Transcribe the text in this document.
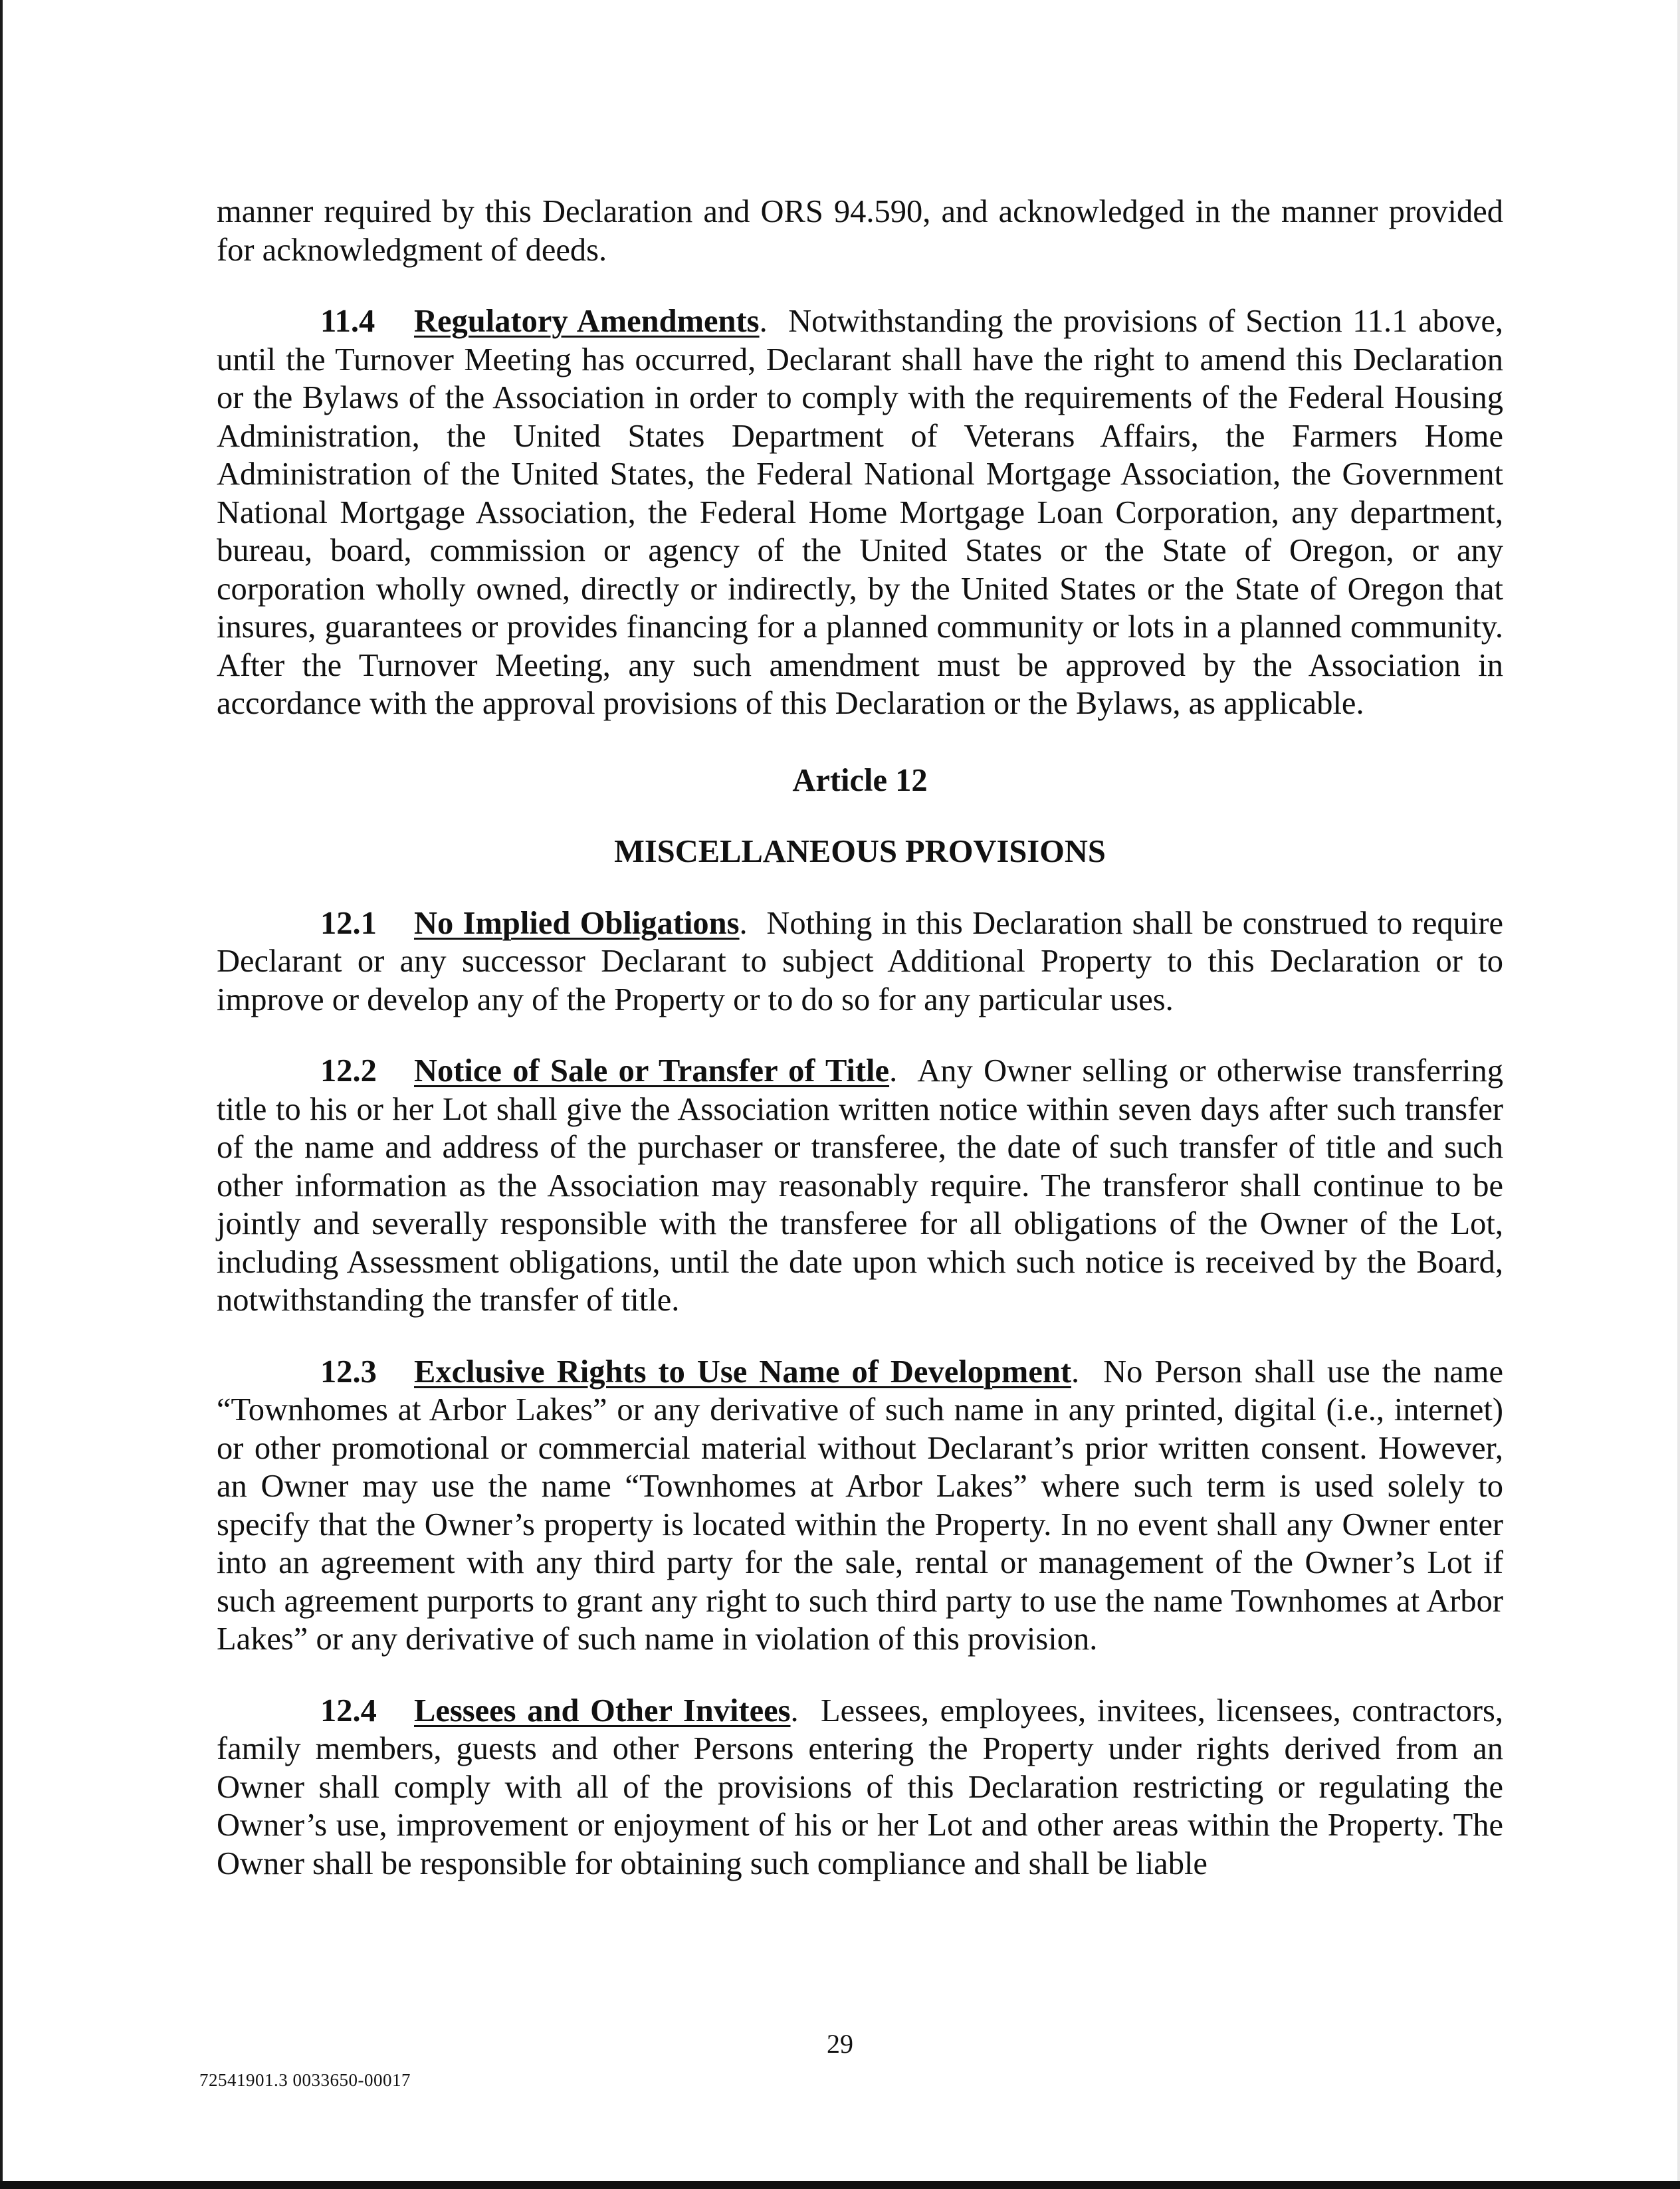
manner required by this Declaration and ORS 94.590, and acknowledged in the manner provided for acknowledgment of deeds.

11.4 Regulatory Amendments. Notwithstanding the provisions of Section 11.1 above, until the Turnover Meeting has occurred, Declarant shall have the right to amend this Declaration or the Bylaws of the Association in order to comply with the requirements of the Federal Housing Administration, the United States Department of Veterans Affairs, the Farmers Home Administration of the United States, the Federal National Mortgage Association, the Government National Mortgage Association, the Federal Home Mortgage Loan Corporation, any department, bureau, board, commission or agency of the United States or the State of Oregon, or any corporation wholly owned, directly or indirectly, by the United States or the State of Oregon that insures, guarantees or provides financing for a planned community or lots in a planned community. After the Turnover Meeting, any such amendment must be approved by the Association in accordance with the approval provisions of this Declaration or the Bylaws, as applicable.

Article 12

MISCELLANEOUS PROVISIONS

12.1 No Implied Obligations. Nothing in this Declaration shall be construed to require Declarant or any successor Declarant to subject Additional Property to this Declaration or to improve or develop any of the Property or to do so for any particular uses.

12.2 Notice of Sale or Transfer of Title. Any Owner selling or otherwise transferring title to his or her Lot shall give the Association written notice within seven days after such transfer of the name and address of the purchaser or transferee, the date of such transfer of title and such other information as the Association may reasonably require. The transferor shall continue to be jointly and severally responsible with the transferee for all obligations of the Owner of the Lot, including Assessment obligations, until the date upon which such notice is received by the Board, notwithstanding the transfer of title.

12.3 Exclusive Rights to Use Name of Development. No Person shall use the name “Townhomes at Arbor Lakes” or any derivative of such name in any printed, digital (i.e., internet) or other promotional or commercial material without Declarant’s prior written consent. However, an Owner may use the name “Townhomes at Arbor Lakes” where such term is used solely to specify that the Owner’s property is located within the Property. In no event shall any Owner enter into an agreement with any third party for the sale, rental or management of the Owner’s Lot if such agreement purports to grant any right to such third party to use the name Townhomes at Arbor Lakes” or any derivative of such name in violation of this provision.

12.4 Lessees and Other Invitees. Lessees, employees, invitees, licensees, contractors, family members, guests and other Persons entering the Property under rights derived from an Owner shall comply with all of the provisions of this Declaration restricting or regulating the Owner’s use, improvement or enjoyment of his or her Lot and other areas within the Property. The Owner shall be responsible for obtaining such compliance and shall be liable

29
72541901.3 0033650-00017
